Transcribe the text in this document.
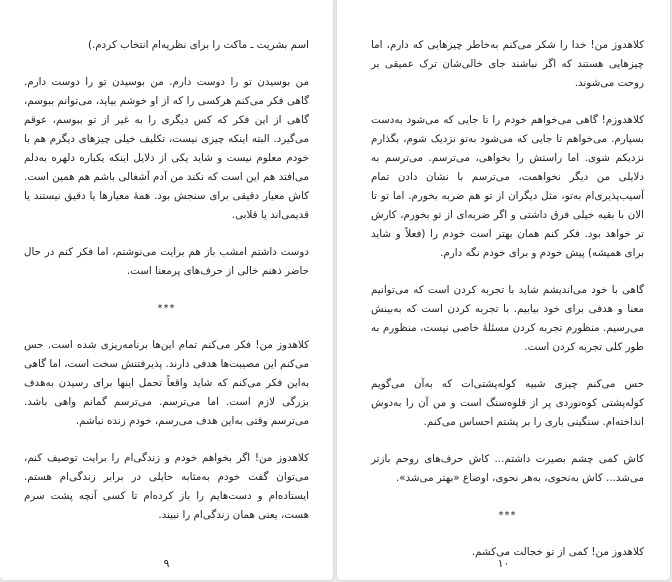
اسم بشریت ـ ماکت را برای نظریه‌ام انتخاب کردم.)

من بوسیدن تو را دوست دارم. من بوسیدن تو را دوست دارم. گاهی فکر می‌کنم هرکسی را که از او خوشم بیاید، می‌توانم ببوسم، گاهی از این فکر که کس دیگری را به غیر از تو ببوسم، عوقم می‌گیرد. البته اینکه چیزی نیست، تکلیف خیلی چیزهای دیگرم هم با خودم معلوم نیست و شاید یکی از دلایل اینکه یکباره دلهره به‌دلم می‌افتد هم این است که نکند من آدم آشغالی باشم هم همین است. کاش معیار دقیقی برای سنجش بود. همهٔ معیارها یا دقیق نیستند یا قدیمی‌اند یا قلابی.

دوست داشتم امشب باز هم برایت می‌نوشتم، اما فکر کنم در حال حاضر ذهنم خالی از حرف‌های پرمعنا است.

***

کلاهدوز من! فکر می‌کنم تمام این‌ها برنامه‌ریزی شده است. حس می‌کنم این مصیبت‌ها هدفی دارند. پذیرفتنش سخت است، اما گاهی به‌این فکر می‌کنم که شاید واقعاً تحمل اینها برای رسیدن به‌هدف بزرگی لازم است. اما می‌ترسم. می‌ترسم گمانم واهی باشد. می‌ترسم وقتی به‌این هدف می‌رسم، خودم زنده نباشم.

کلاهدوز من! اگر بخواهم خودم و زندگی‌ام را برایت توصیف کنم، می‌توان گفت خودم به‌مثابه حایلی در برابر زندگی‌ام هستم. ایستاده‌ام و دست‌هایم را باز کرده‌ام تا کسی آنچه پشت سرم هست، یعنی همان زندگی‌ام را نبیند.

۹

کلاهدوز من! خدا را شکر می‌کنم به‌خاطر چیزهایی که دارم، اما چیزهایی هستند که اگر نباشند جای خالی‌شان ترک عمیقی بر روحت می‌شوند.

کلاهدوزم! گاهی می‌خواهم خودم را تا جایی که می‌شود به‌دست بسپارم. می‌خواهم تا جایی که می‌شود به‌تو نزدیک شوم، بگذارم نزدیکم شوی. اما راستش را بخواهی، می‌ترسم. می‌ترسم به دلایلی من دیگر نخواهمت، می‌ترسم با نشان دادن تمام آسیب‌پذیری‌ام به‌تو، مثل دیگران از تو هم ضربه بخورم. اما تو تا الان با بقیه خیلی فرق داشتی و اگر ضربه‌ای از تو بخورم، کارش تر خواهد بود. فکر کنم همان بهتر است خودم را (فعلاً و شاید برای همیشه) پیش خودم و برای خودم نگه دارم.

گاهی با خود می‌اندیشم شاید با تجربه کردن است که می‌توانیم معنا و هدفی برای خود بیابیم. با تجربه کردن است که به‌بینش می‌رسیم. منظورم تجربه کردن مسئلهٔ خاصی نیست، منظورم به طور کلی تجربه کردن است.

حس می‌کنم چیزی شبیه کوله‌پشتی‌ات که به‌آن می‌گویم کوله‌پشتی کوه‌نوردی پر از قلوه‌سنگ است و من آن را به‌دوش انداخته‌ام. سنگینی باری را بر پشتم احساس می‌کنم.

کاش کمی چشم بصیرت داشتم... کاش حرف‌های روحم بازتر می‌شد... کاش به‌نحوی، به‌هر نحوی، اوضاع «بهتر می‌شد».

***

کلاهدوز من! کمی از تو خجالت می‌کشم.

۱۰
